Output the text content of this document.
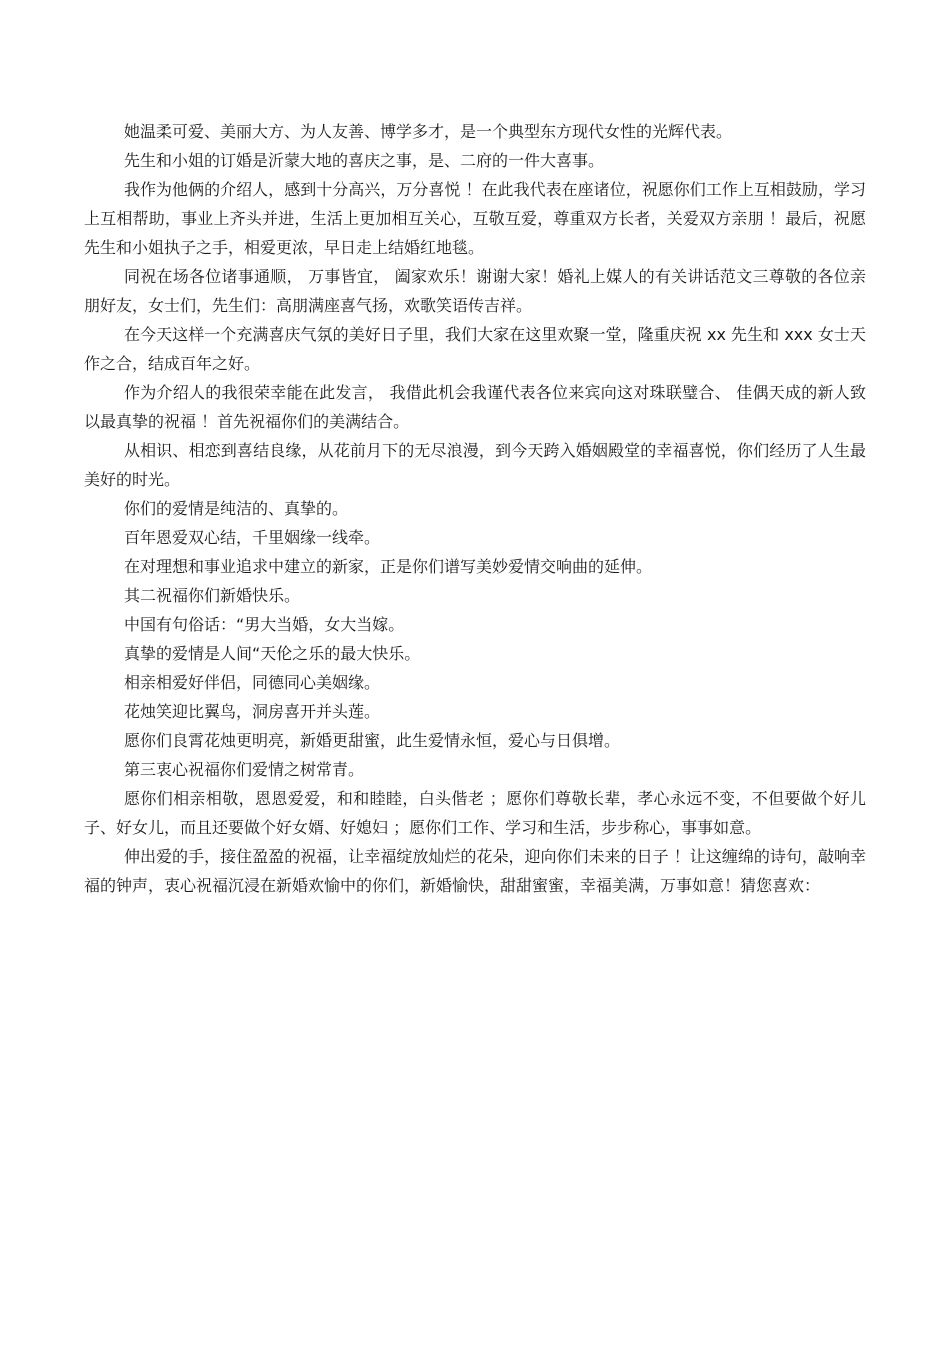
她温柔可爱、美丽大方、为人友善、博学多才，是一个典型东方现代女性的光辉代表。

先生和小姐的订婚是沂蒙大地的喜庆之事，是、二府的一件大喜事。

我作为他俩的介绍人，感到十分高兴，万分喜悦 ！在此我代表在座诸位，祝愿你们工作上互相鼓励，学习上互相帮助，事业上齐头并进，生活上更加相互关心，互敬互爱，尊重双方长者，关爱双方亲朋 ！最后，祝愿先生和小姐执子之手，相爱更浓，早日走上结婚红地毯。

同祝在场各位诸事通顺， 万事皆宜， 阖家欢乐！谢谢大家！婚礼上媒人的有关讲话范文三尊敬的各位亲朋好友，女士们，先生们：高朋满座喜气扬，欢歌笑语传吉祥。

在今天这样一个充满喜庆气氛的美好日子里，我们大家在这里欢聚一堂，隆重庆祝 xx 先生和 xxx 女士天作之合，结成百年之好。

作为介绍人的我很荣幸能在此发言， 我借此机会我谨代表各位来宾向这对珠联璧合、 佳偶天成的新人致以最真挚的祝福 ！首先祝福你们的美满结合。

从相识、相恋到喜结良缘，从花前月下的无尽浪漫，到今天跨入婚姻殿堂的幸福喜悦，你们经历了人生最美好的时光。

你们的爱情是纯洁的、真挚的。

百年恩爱双心结，千里姻缘一线牵。

在对理想和事业追求中建立的新家，正是你们谱写美妙爱情交响曲的延伸。

其二祝福你们新婚快乐。

中国有句俗话：“男大当婚，女大当嫁。

真挚的爱情是人间“天伦之乐的最大快乐。

相亲相爱好伴侣，同德同心美姻缘。

花烛笑迎比翼鸟，洞房喜开并头莲。

愿你们良霄花烛更明亮，新婚更甜蜜，此生爱情永恒，爱心与日俱增。

第三衷心祝福你们爱情之树常青。

愿你们相亲相敬，恩恩爱爱，和和睦睦，白头偕老 ；愿你们尊敬长辈，孝心永远不变，不但要做个好儿子、好女儿，而且还要做个好女婿、好媳妇 ；愿你们工作、学习和生活，步步称心，事事如意。

伸出爱的手，接住盈盈的祝福，让幸福绽放灿烂的花朵，迎向你们未来的日子 ！让这缠绵的诗句，敲响幸福的钟声，衷心祝福沉浸在新婚欢愉中的你们，新婚愉快，甜甜蜜蜜，幸福美满，万事如意！猜您喜欢：
